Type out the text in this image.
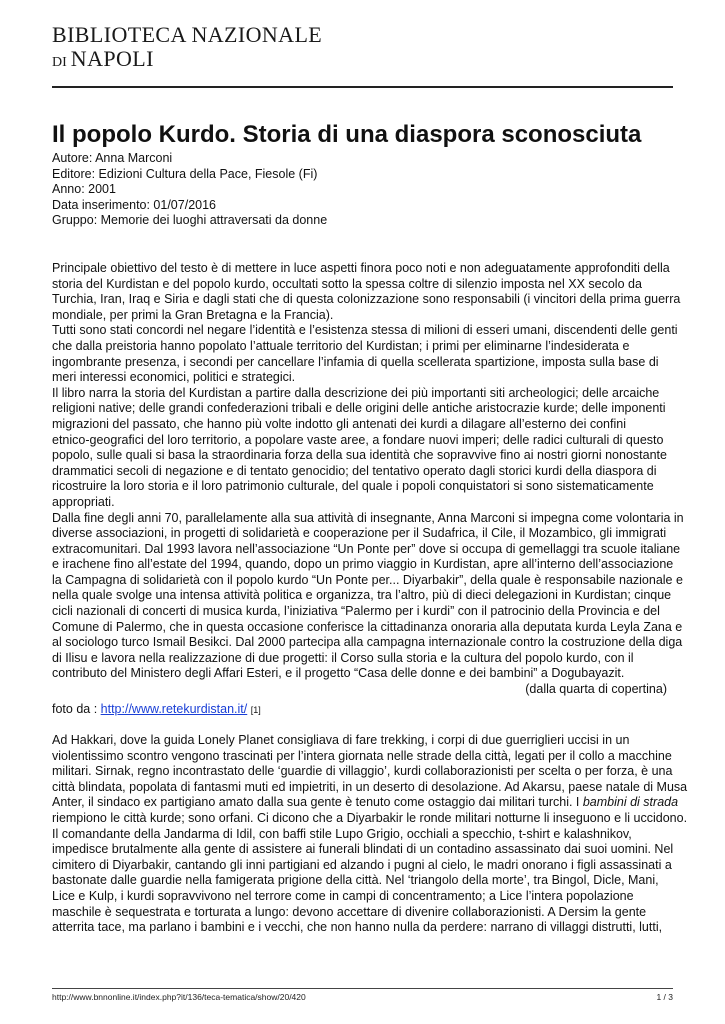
BIBLIOTECA NAZIONALE
DI NAPOLI
Il popolo Kurdo. Storia di una diaspora sconosciuta
Autore: Anna Marconi
Editore: Edizioni Cultura della Pace, Fiesole (Fi)
Anno: 2001
Data inserimento: 01/07/2016
Gruppo: Memorie dei luoghi attraversati da donne
Principale obiettivo del testo è di mettere in luce aspetti finora poco noti e non adeguatamente approfonditi della
storia del Kurdistan e del popolo kurdo, occultati sotto la spessa coltre di silenzio imposta nel XX secolo da
Turchia, Iran, Iraq e Siria e dagli stati che di questa colonizzazione sono responsabili (i vincitori della prima guerra
mondiale, per primi la Gran Bretagna e la Francia).
Tutti sono stati concordi nel negare l’identità e l’esistenza stessa di milioni di esseri umani, discendenti delle genti
che dalla preistoria hanno popolato l’attuale territorio del Kurdistan; i primi per eliminarne l’indesiderata e
ingombrante presenza, i secondi per cancellare l’infamia di quella scellerata spartizione, imposta sulla base di
meri interessi economici, politici e strategici.
Il libro narra la storia del Kurdistan a partire dalla descrizione dei più importanti siti archeologici; delle arcaiche
religioni native; delle grandi confederazioni tribali e delle origini delle antiche aristocrazie kurde; delle imponenti
migrazioni del passato, che hanno più volte indotto gli antenati dei kurdi a dilagare all’esterno dei confini
etnico-geografici del loro territorio, a popolare vaste aree, a fondare nuovi imperi; delle radici culturali di questo
popolo, sulle quali si basa la straordinaria forza della sua identità che sopravvive fino ai nostri giorni nonostante
drammatici secoli di negazione e di tentato genocidio; del tentativo operato dagli storici kurdi della diaspora di
ricostruire la loro storia e il loro patrimonio culturale, del quale i popoli conquistatori si sono sistematicamente
appropriati.
Dalla fine degli anni 70, parallelamente alla sua attività di insegnante, Anna Marconi si impegna come volontaria in
diverse associazioni, in progetti di solidarietà e cooperazione per il Sudafrica, il Cile, il Mozambico, gli immigrati
extracomunitari. Dal 1993 lavora nell’associazione “Un Ponte per” dove si occupa di gemellaggi tra scuole italiane
e irachene fino all’estate del 1994, quando, dopo un primo viaggio in Kurdistan, apre all’interno dell’associazione
la Campagna di solidarietà con il popolo kurdo “Un Ponte per... Diyarbakir”, della quale è responsabile nazionale e
nella quale svolge una intensa attività politica e organizza, tra l’altro, più di dieci delegazioni in Kurdistan; cinque
cicli nazionali di concerti di musica kurda, l’iniziativa “Palermo per i kurdi” con il patrocinio della Provincia e del
Comune di Palermo, che in questa occasione conferisce la cittadinanza onoraria alla deputata kurda Leyla Zana e
al sociologo turco Ismail Besikci. Dal 2000 partecipa alla campagna internazionale contro la costruzione della diga
di Ilisu e lavora nella realizzazione di due progetti: il Corso sulla storia e la cultura del popolo kurdo, con il
contributo del Ministero degli Affari Esteri, e il progetto “Casa delle donne e dei bambini” a Dogubayazit.
(dalla quarta di copertina)
foto da : http://www.retekurdistan.it/ [1]
Ad Hakkari, dove la guida Lonely Planet consigliava di fare trekking, i corpi di due guerriglieri uccisi in un
violentissimo scontro vengono trascinati per l’intera giornata nelle strade della città, legati per il collo a macchine
militari. Sirnak, regno incontrastato delle ‘guardie di villaggio’, kurdi collaborazionisti per scelta o per forza, è una
città blindata, popolata di fantasmi muti ed impietriti, in un deserto di desolazione. Ad Akarsu, paese natale di Musa
Anter, il sindaco ex partigiano amato dalla sua gente è tenuto come ostaggio dai militari turchi. I bambini di strada
riempiono le città kurde; sono orfani. Ci dicono che a Diyarbakir le ronde militari notturne li inseguono e li uccidono.
Il comandante della Jandarma di Idil, con baffi stile Lupo Grigio, occhiali a specchio, t-shirt e kalashnikov,
impedisce brutalmente alla gente di assistere ai funerali blindati di un contadino assassinato dai suoi uomini. Nel
cimitero di Diyarbakir, cantando gli inni partigiani ed alzando i pugni al cielo, le madri onorano i figli assassinati a
bastonate dalle guardie nella famigerata prigione della città. Nel ‘triangolo della morte’, tra Bingol, Dicle, Mani,
Lice e Kulp, i kurdi sopravvivono nel terrore come in campi di concentramento; a Lice l’intera popolazione
maschile è sequestrata e torturata a lungo: devono accettare di divenire collaborazionisti. A Dersim la gente
atterrita tace, ma parlano i bambini e i vecchi, che non hanno nulla da perdere: narrano di villaggi distrutti, lutti,
http://www.bnnonline.it/index.php?it/136/teca-tematica/show/20/420	1 / 3
